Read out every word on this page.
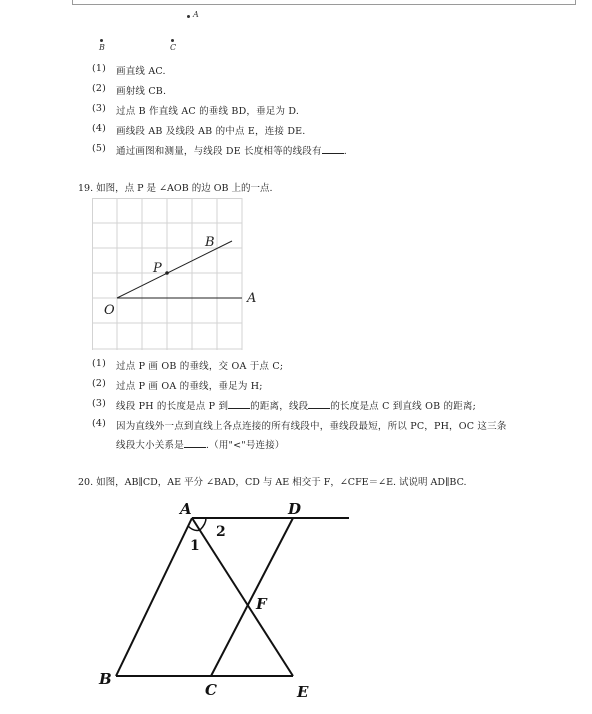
A
B	C
(1) 画直线 AC.
(2) 画射线 CB.
(3) 过点 B 作直线 AC 的垂线 BD，垂足为 D.
(4) 画线段 AB 及线段 AB 的中点 E，连接 DE.
(5) 通过画图和测量，与线段 DE 长度相等的线段有 .
19. 如图，点 P 是 ∠AOB 的边 OB 上的一点.
B
P
O
A
(1) 过点 P 画 OB 的垂线，交 OA 于点 C;
(2) 过点 P 画 OA 的垂线，垂足为 H;
(3) 线段 PH 的长度是点 P 到 的距离，线段 的长度是点 C 到直线 OB 的距离;
(4) 因为直线外一点到直线上各点连接的所有线段中，垂线段最短，所以 PC，PH，OC 这三条
线段大小关系是 .（用"<"号连接）
20. 如图，AB∥CD，AE 平分 ∠BAD，CD 与 AE 相交于 F，∠CFE＝∠E. 试说明 AD∥BC.
A	D
2
1
F
B
C	E
